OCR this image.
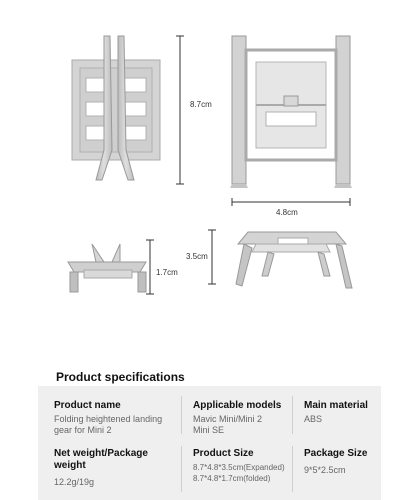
8.7cm
4.8cm
3.5cm
1.7cm
Product specifications
Product name
Folding heightened landing
gear for Mini 2
Applicable models
Mavic Mini/Mini 2
Mini SE
Main material
ABS
Net weight/Package weight
12.2g/19g
Product Size
8.7*4.8*3.5cm(Expanded)
8.7*4.8*1.7cm(folded)
Package Size
9*5*2.5cm
